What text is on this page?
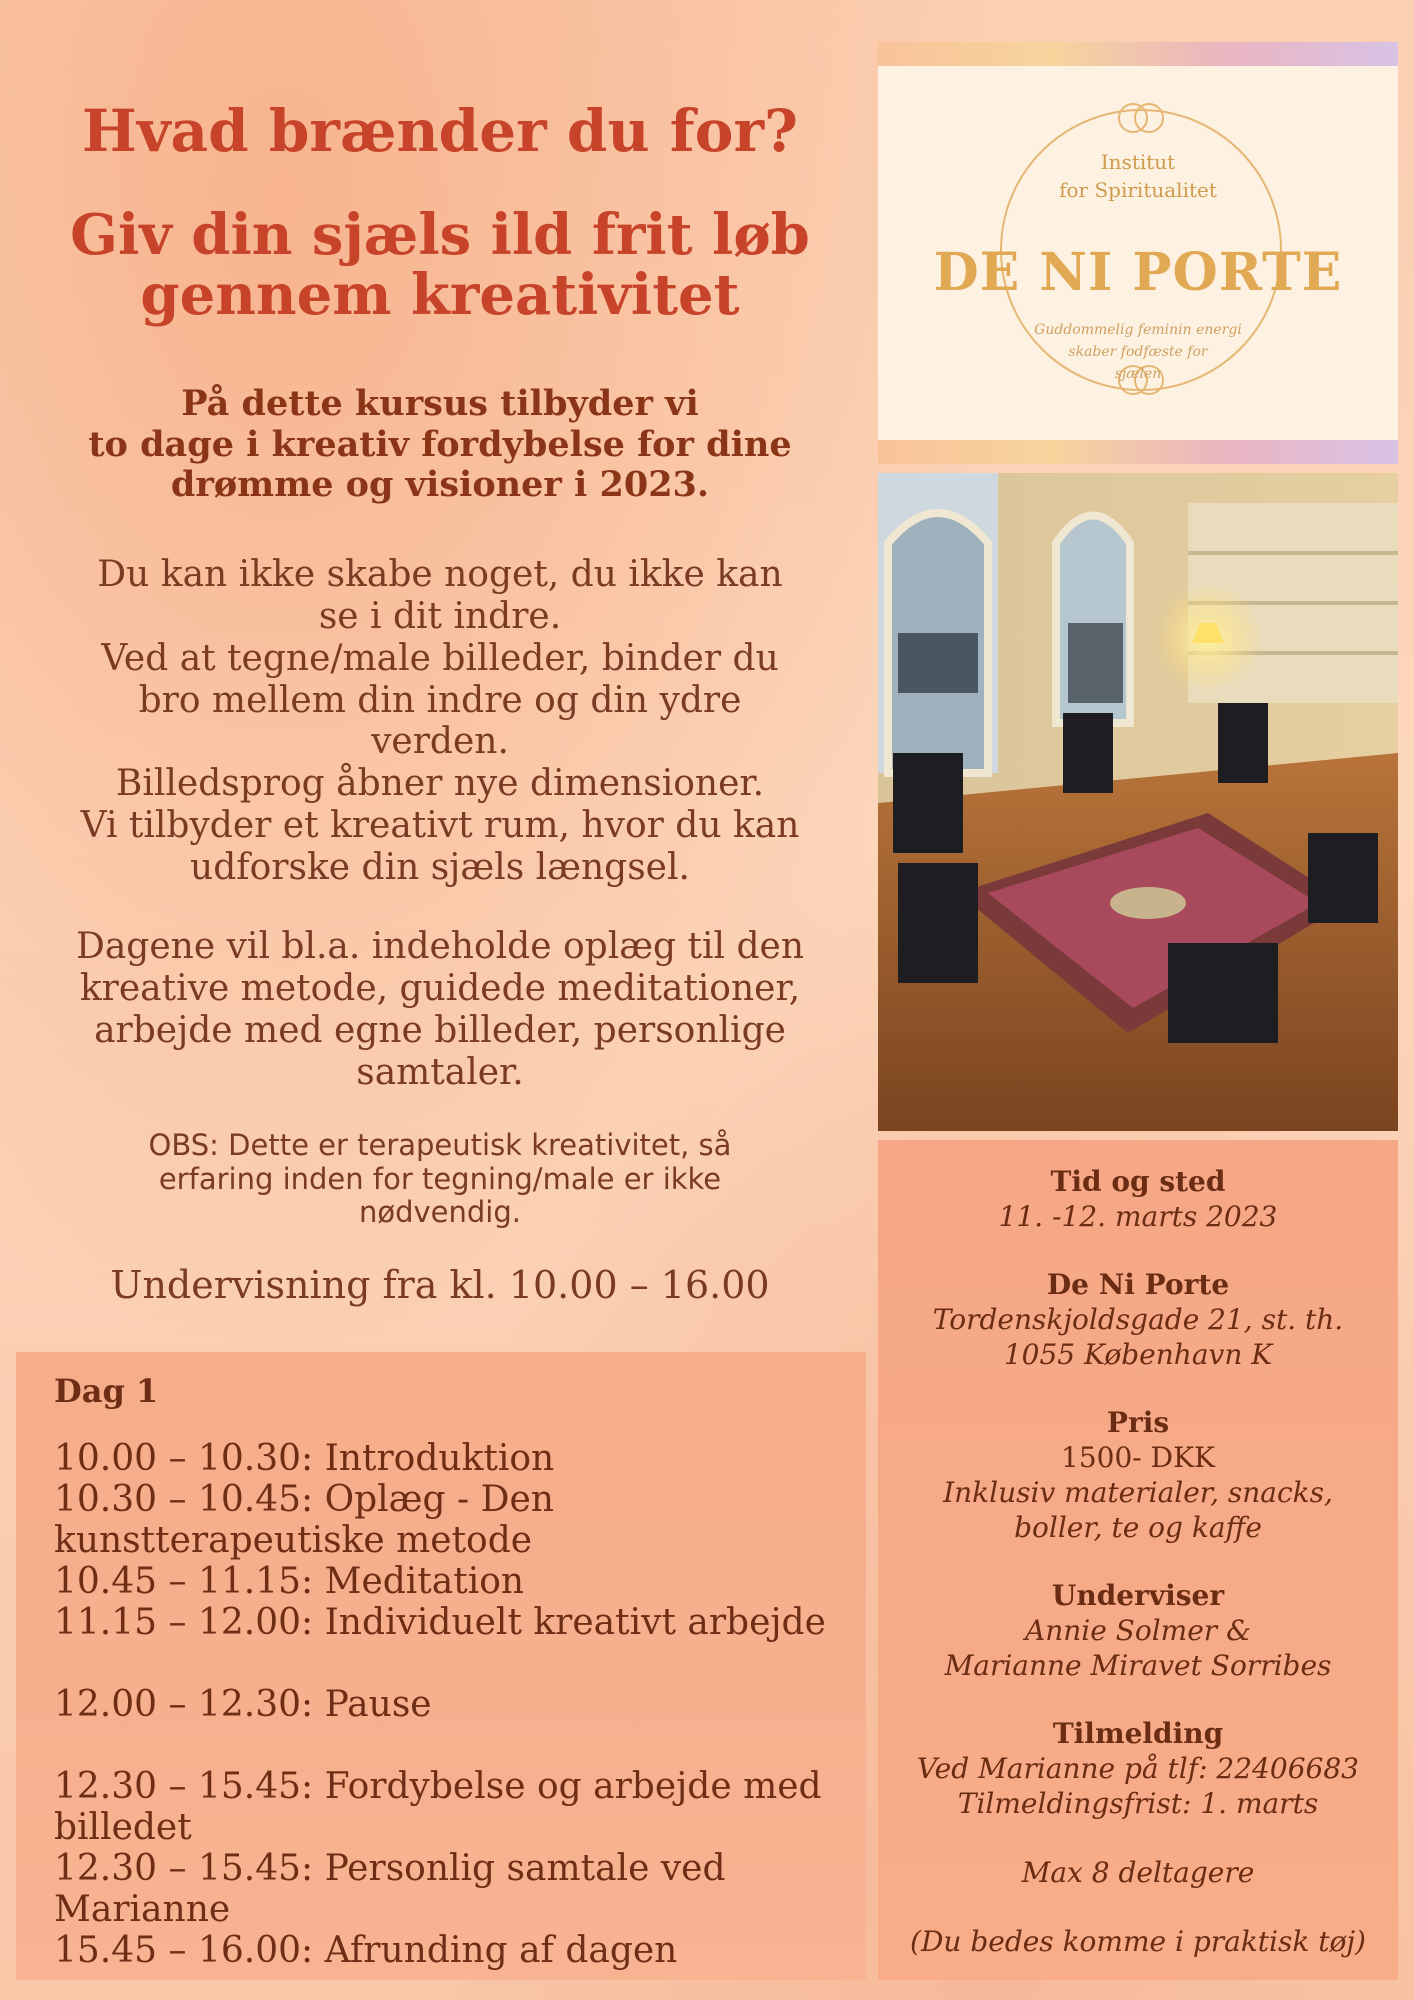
Hvad brænder du for?
Giv din sjæls ild frit løb
gennem kreativitet
På dette kursus tilbyder vi
to dage i kreativ fordybelse for dine
drømme og visioner i 2023.

Du kan ikke skabe noget, du ikke kan

se i dit indre.

Ved at tegne/male billeder, binder du

bro mellem din indre og din ydre

verden.

Billedsprog åbner nye dimensioner.

Vi tilbyder et kreativt rum, hvor du kan

udforske din sjæls længsel.

Dagene vil bl.a. indeholde oplæg til den

kreative metode, guidede meditationer,

arbejde med egne billeder, personlige

samtaler.

OBS: Dette er terapeutisk kreativitet, så
erfaring inden for tegning/male er ikke
nødvendig.
Undervisning fra kl. 10.00 – 16.00
Dag 1
10.00 – 10.30: Introduktion
10.30 – 10.45: Oplæg - Den
kunstterapeutiske metode
10.45 – 11.15: Meditation
11.15 – 12.00: Individuelt kreativt arbejde
12.00 – 12.30: Pause
12.30 – 15.45: Fordybelse og arbejde med
billedet
12.30 – 15.45: Personlig samtale ved
Marianne
15.45 – 16.00: Afrunding af dagen
Institut
for Spiritualitet
DE NI PORTE
Guddommelig feminin energi
skaber fodfæste for
sjælen
Tid og sted
11. -12. marts 2023
De Ni Porte
Tordenskjoldsgade 21, st. th.
1055 København K
Pris
1500- DKK
Inklusiv materialer, snacks,
boller, te og kaffe
Underviser
Annie Solmer &
Marianne Miravet Sorribes
Tilmelding
Ved Marianne på tlf: 22406683
Tilmeldingsfrist: 1. marts
Max 8 deltagere
(Du bedes komme i praktisk tøj)
